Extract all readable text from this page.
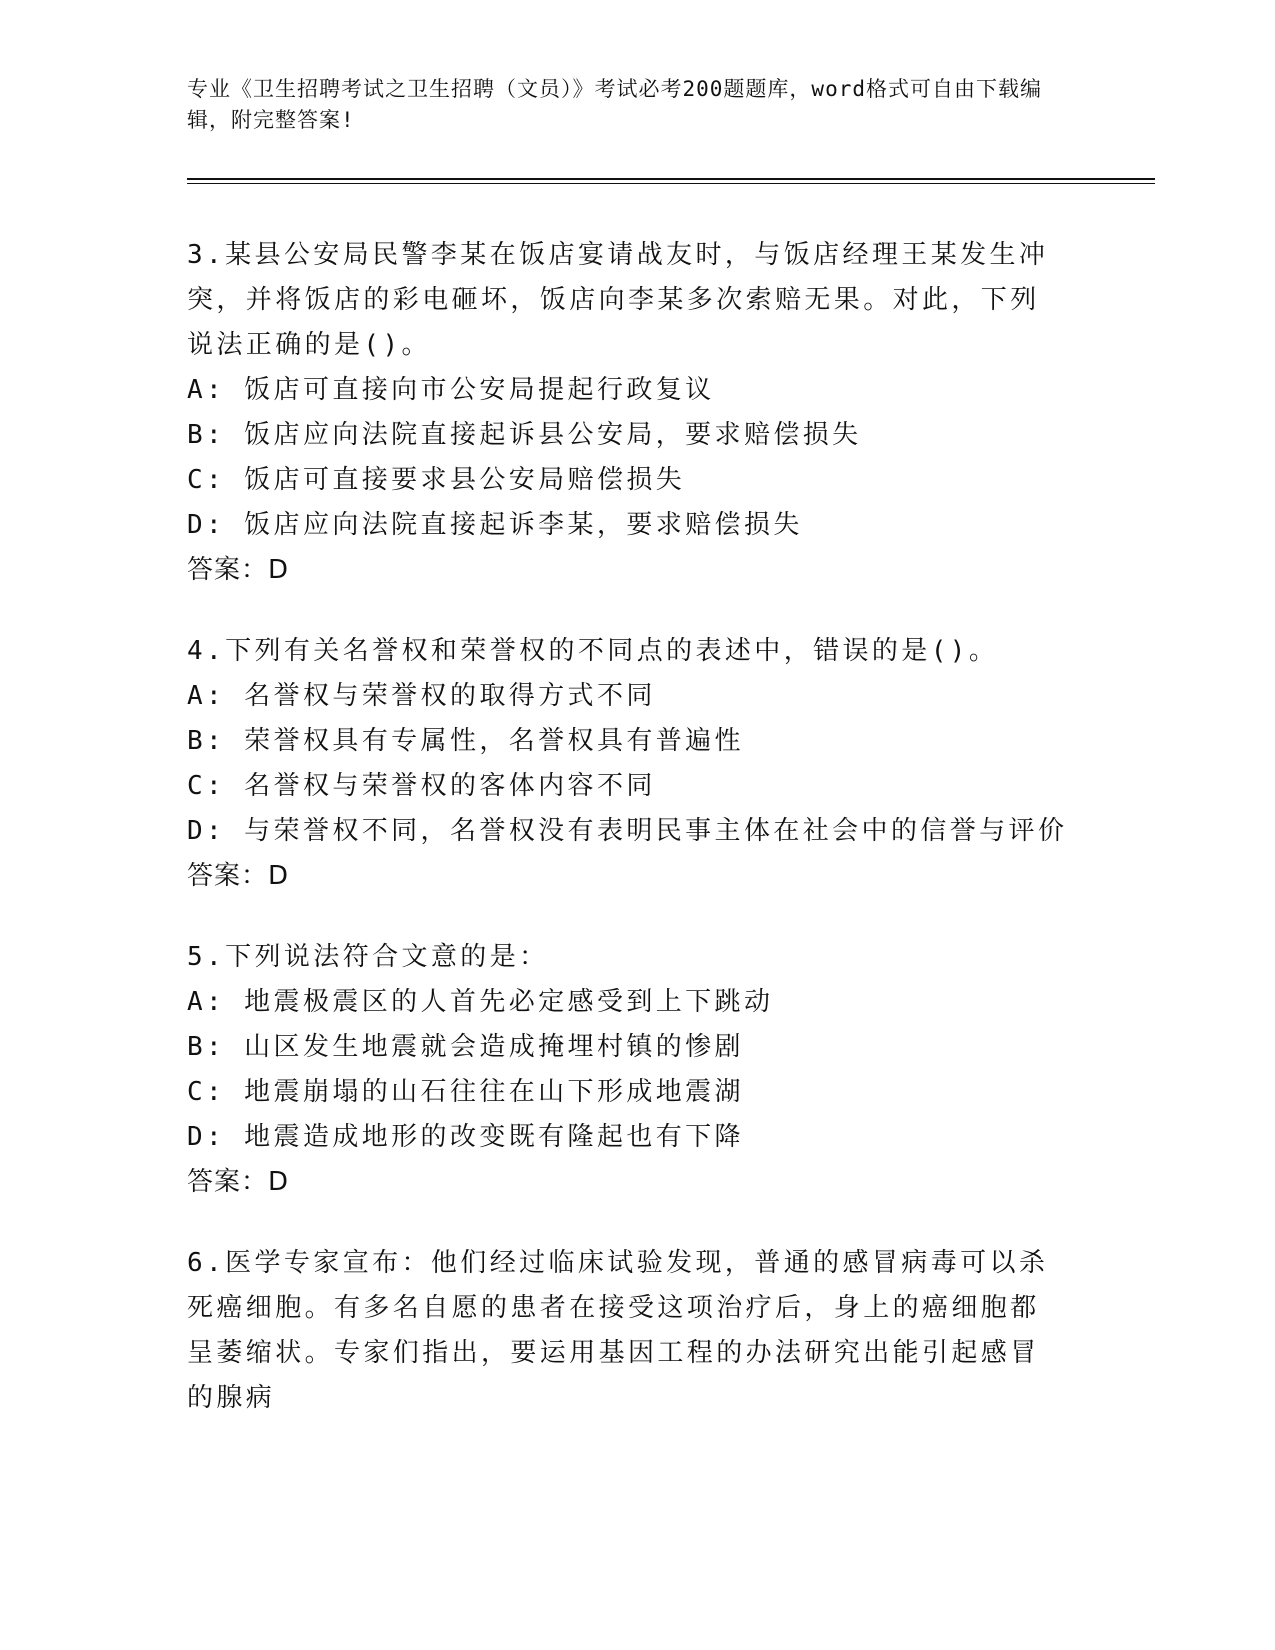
专业《卫生招聘考试之卫生招聘（文员）》考试必考200题题库，word格式可自由下载编辑，附完整答案!

3.某县公安局民警李某在饭店宴请战友时，与饭店经理王某发生冲突，并将饭店的彩电砸坏，饭店向李某多次索赔无果。对此，下列说法正确的是()。

A: 饭店可直接向市公安局提起行政复议

B: 饭店应向法院直接起诉县公安局，要求赔偿损失

C: 饭店可直接要求县公安局赔偿损失

D: 饭店应向法院直接起诉李某，要求赔偿损失

答案：D

4.下列有关名誉权和荣誉权的不同点的表述中，错误的是()。

A: 名誉权与荣誉权的取得方式不同

B: 荣誉权具有专属性，名誉权具有普遍性

C: 名誉权与荣誉权的客体内容不同

D: 与荣誉权不同，名誉权没有表明民事主体在社会中的信誉与评价

答案：D

5.下列说法符合文意的是：

A: 地震极震区的人首先必定感受到上下跳动

B: 山区发生地震就会造成掩埋村镇的惨剧

C: 地震崩塌的山石往往在山下形成地震湖

D: 地震造成地形的改变既有隆起也有下降

答案：D

6.医学专家宣布：他们经过临床试验发现，普通的感冒病毒可以杀死癌细胞。有多名自愿的患者在接受这项治疗后，身上的癌细胞都呈萎缩状。专家们指出，要运用基因工程的办法研究出能引起感冒的腺病
